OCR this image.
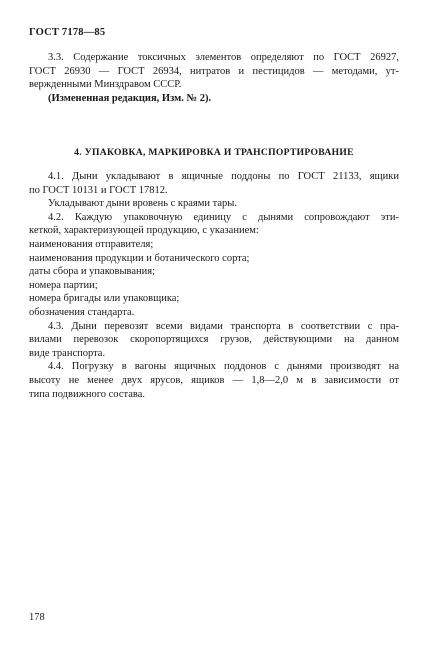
ГОСТ 7178—85

3.3. Содержание токсичных элементов определяют по ГОСТ 26927,

ГОСТ 26930 — ГОСТ 26934, нитратов и пестицидов — методами, ут-

вержденными Минздравом СССР.

(Измененная редакция, Изм. № 2).

4. УПАКОВКА, МАРКИРОВКА И ТРАНСПОРТИРОВАНИЕ

4.1. Дыни укладывают в ящичные поддоны по ГОСТ 21133, ящики

по ГОСТ 10131 и ГОСТ 17812.

Укладывают дыни вровень с краями тары.

4.2. Каждую упаковочную единицу с дынями сопровождают эти-

кеткой, характеризующей продукцию, с указанием:

наименования отправителя;

наименования продукции и ботанического сорта;

даты сбора и упаковывания;

номера партии;

номера бригады или упаковщика;

обозначения стандарта.

4.3. Дыни перевозят всеми видами транспорта в соответствии с пра-

вилами перевозок скоропортящихся грузов, действующими на данном

виде транспорта.

4.4. Погрузку в вагоны ящичных поддонов с дынями производят на

высоту не менее двух ярусов, ящиков — 1,8—2,0 м в зависимости от

типа подвижного состава.

178
